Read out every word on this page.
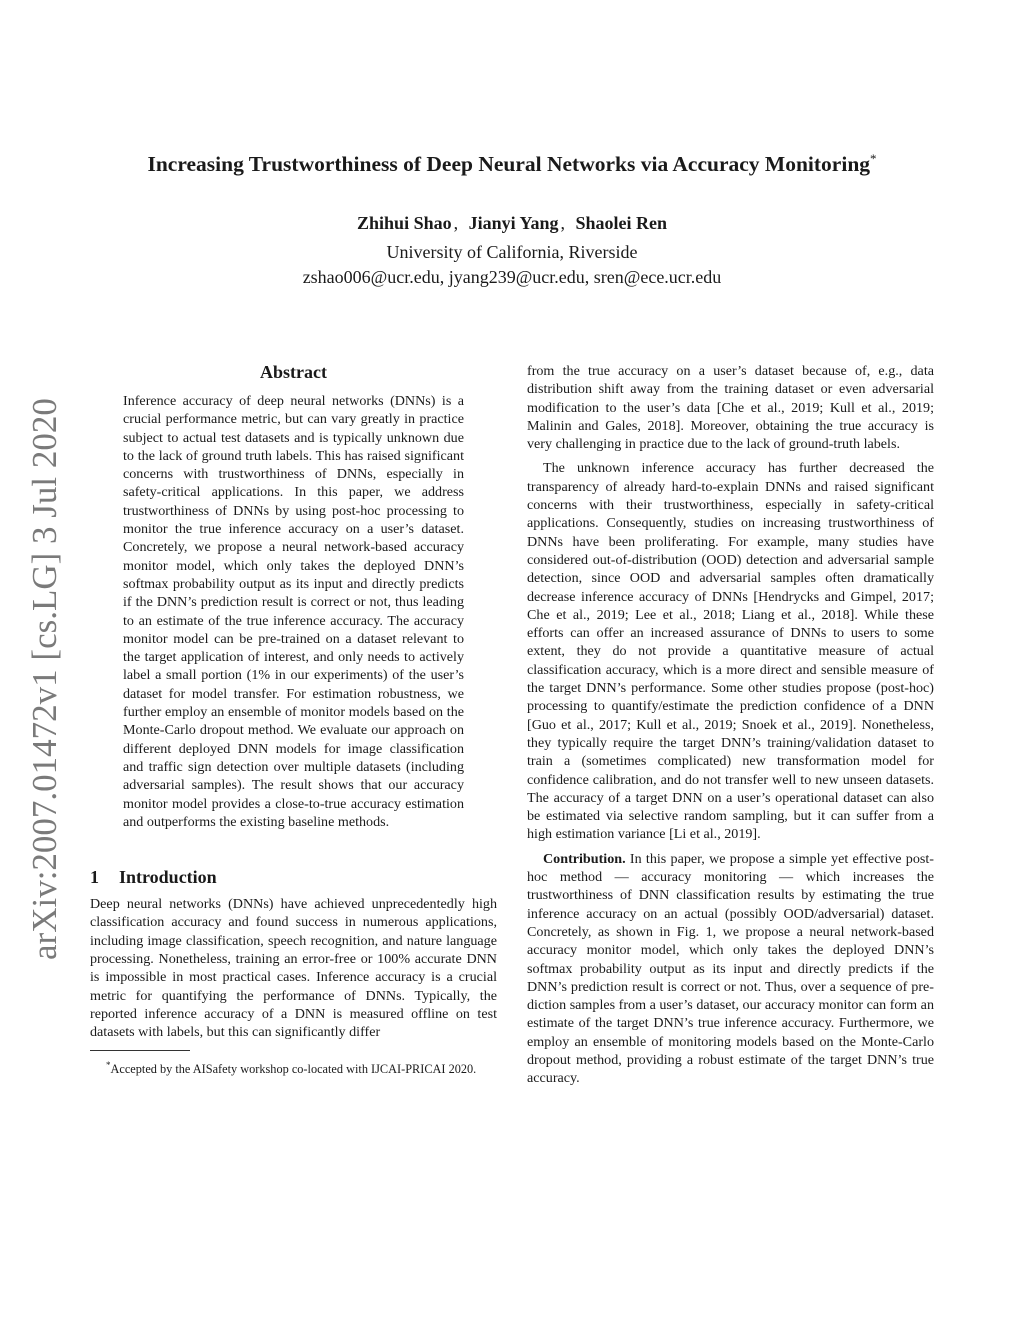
arXiv:2007.01472v1 [cs.LG] 3 Jul 2020
Increasing Trustworthiness of Deep Neural Networks via Accuracy Monitoring*
Zhihui Shao , Jianyi Yang , Shaolei Ren
University of California, Riverside
zshao006@ucr.edu, jyang239@ucr.edu, sren@ece.ucr.edu
Abstract

Inference accuracy of deep neural networks (DNNs) is a crucial performance metric, but can vary greatly in practice subject to actual test datasets and is typically unknown due to the lack of ground truth labels. This has raised significant concerns with trustworthiness of DNNs, especially in safety-critical applications. In this paper, we address trustworthiness of DNNs by using post-hoc processing to monitor the true inference accuracy on a user’s dataset. Concretely, we propose a neural network-based accuracy monitor model, which only takes the deployed DNN’s softmax probability output as its input and directly predicts if the DNN’s prediction result is correct or not, thus leading to an estimate of the true inference accuracy. The accuracy monitor model can be pre-trained on a dataset relevant to the target application of interest, and only needs to actively label a small portion (1% in our experiments) of the user’s dataset for model transfer. For estimation robustness, we further employ an ensemble of monitor models based on the Monte-Carlo dropout method. We evaluate our approach on different deployed DNN models for image classification and traffic sign detection over multiple datasets (including adversarial samples). The result shows that our accuracy monitor model provides a close-to-true accuracy estimation and outperforms the existing baseline methods.

1 Introduction

Deep neural networks (DNNs) have achieved unprecedentedly high classification accuracy and found success in numerous applications, including image classification, speech recognition, and nature language processing. Nonetheless, training an error-free or 100% accurate DNN is impossible in most practical cases. Inference accuracy is a crucial metric for quantifying the performance of DNNs. Typically, the reported inference accuracy of a DNN is measured offline on test datasets with labels, but this can significantly differ

*Accepted by the AISafety workshop co-located with IJCAI-PRICAI 2020.

from the true accuracy on a user’s dataset because of, e.g., data distribution shift away from the training dataset or even adversarial modification to the user’s data [Che et al., 2019; Kull et al., 2019; Malinin and Gales, 2018]. Moreover, obtaining the true accuracy is very challenging in practice due to the lack of ground-truth labels.

The unknown inference accuracy has further decreased the transparency of already hard-to-explain DNNs and raised significant concerns with their trustworthiness, especially in safety-critical applications. Consequently, studies on increasing trustworthiness of DNNs have been proliferating. For example, many studies have considered out-of-distribution (OOD) detection and adversarial sample detection, since OOD and adversarial samples often dramatically decrease inference accuracy of DNNs [Hendrycks and Gimpel, 2017; Che et al., 2019; Lee et al., 2018; Liang et al., 2018]. While these efforts can offer an increased assurance of DNNs to users to some extent, they do not provide a quantitative measure of actual classification accuracy, which is a more direct and sensible measure of the target DNN’s performance. Some other studies propose (post-hoc) processing to quantify/estimate the prediction confidence of a DNN [Guo et al., 2017; Kull et al., 2019; Snoek et al., 2019]. Nonetheless, they typically require the target DNN’s training/validation dataset to train a (sometimes complicated) new transformation model for confidence calibration, and do not transfer well to new unseen datasets. The accuracy of a target DNN on a user’s operational dataset can also be estimated via selective random sampling, but it can suffer from a high estimation variance [Li et al., 2019].

Contribution. In this paper, we propose a simple yet effective post-hoc method — accuracy monitoring — which increases the trustworthiness of DNN classification results by estimating the true inference accuracy on an actual (possibly OOD/adversarial) dataset. Concretely, as shown in Fig. 1, we propose a neural network-based accuracy monitor model, which only takes the deployed DNN’s softmax probability output as its input and directly predicts if the DNN’s prediction result is correct or not. Thus, over a sequence of prediction samples from a user’s dataset, our accuracy monitor can form an estimate of the target DNN’s true inference accuracy. Furthermore, we employ an ensemble of monitoring models based on the Monte-Carlo dropout method, providing a robust estimate of the target DNN’s true accuracy.
